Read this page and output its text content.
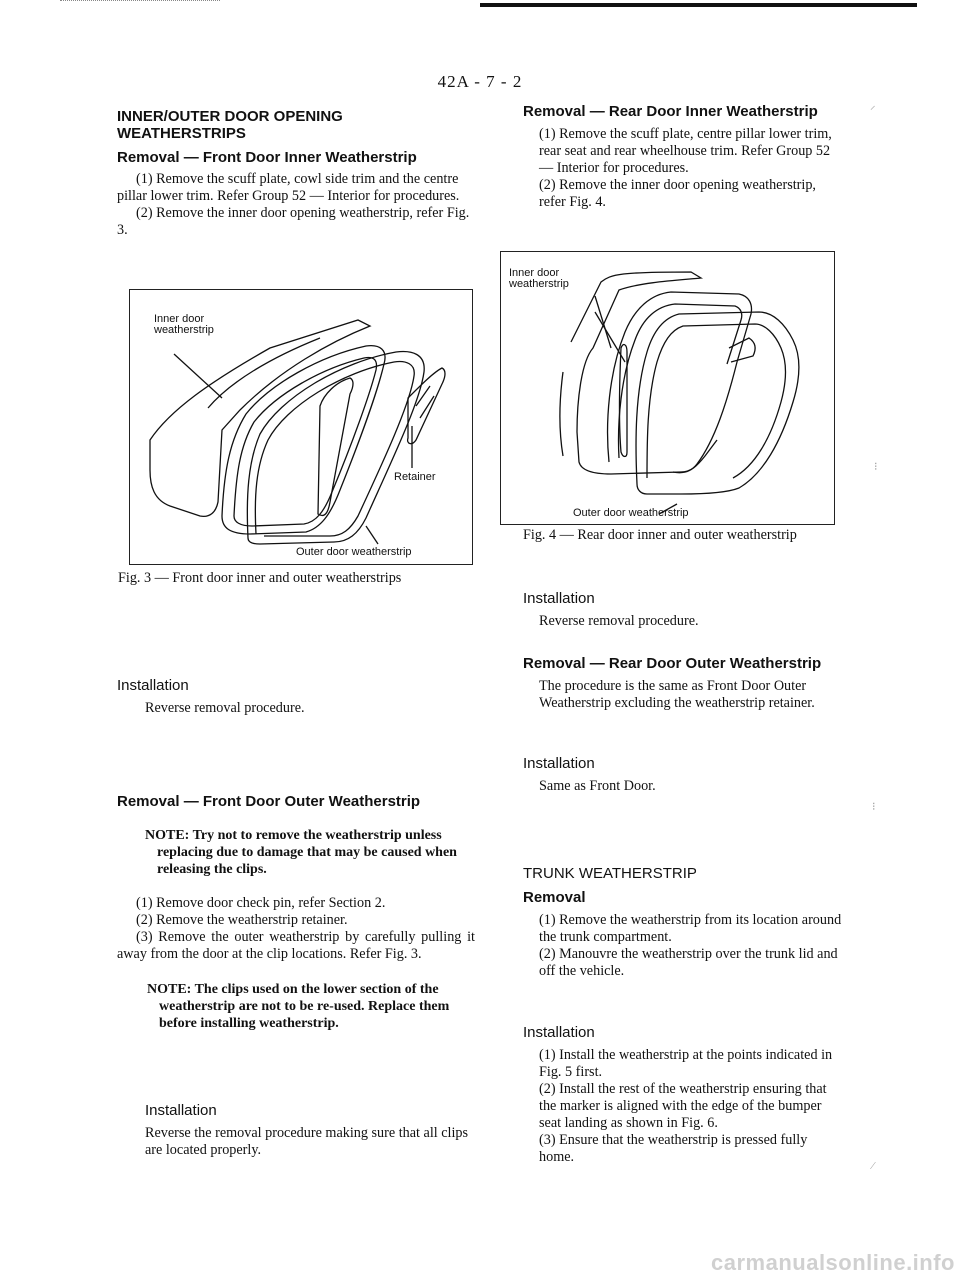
42A - 7 - 2
INNER/OUTER DOOR OPENING WEATHERSTRIPS
Removal — Front Door Inner Weatherstrip

(1) Remove the scuff plate, cowl side trim and the centre pillar lower trim. Refer Group 52 — Interior for procedures.

(2) Remove the inner door opening weatherstrip, refer Fig. 3.

Inner door weatherstrip
Retainer
Outer door weatherstrip
Fig. 3 — Front door inner and outer weatherstrips
Installation

Reverse removal procedure.

Removal — Front Door Outer Weatherstrip

NOTE: Try not to remove the weatherstrip unless replacing due to damage that may be caused when releasing the clips.

(1) Remove door check pin, refer Section 2.

(2) Remove the weatherstrip retainer.

(3) Remove the outer weatherstrip by carefully pulling it away from the door at the clip locations. Refer Fig. 3.

NOTE: The clips used on the lower section of the weatherstrip are not to be re-used. Replace them before installing weatherstrip.

Installation

Reverse the removal procedure making sure that all clips are located properly.

Removal — Rear Door Inner Weatherstrip

(1) Remove the scuff plate, centre pillar lower trim, rear seat and rear wheelhouse trim. Refer Group 52 — Interior for procedures.

(2) Remove the inner door opening weatherstrip, refer Fig. 4.

Inner door weatherstrip
Outer door weatherstrip
Fig. 4 — Rear door inner and outer weatherstrip
Installation

Reverse removal procedure.

Removal — Rear Door Outer Weatherstrip

The procedure is the same as Front Door Outer Weatherstrip excluding the weatherstrip retainer.

Installation

Same as Front Door.

TRUNK WEATHERSTRIP
Removal

(1) Remove the weatherstrip from its location around the trunk compartment.

(2) Manouvre the weatherstrip over the trunk lid and off the vehicle.

Installation

(1) Install the weatherstrip at the points indicated in Fig. 5 first.

(2) Install the rest of the weatherstrip ensuring that the marker is aligned with the edge of the bumper seat landing as shown in Fig. 6.

(3) Ensure that the weatherstrip is pressed fully home.

⸝
⁝
⁝
⁄
carmanualsonline.info
